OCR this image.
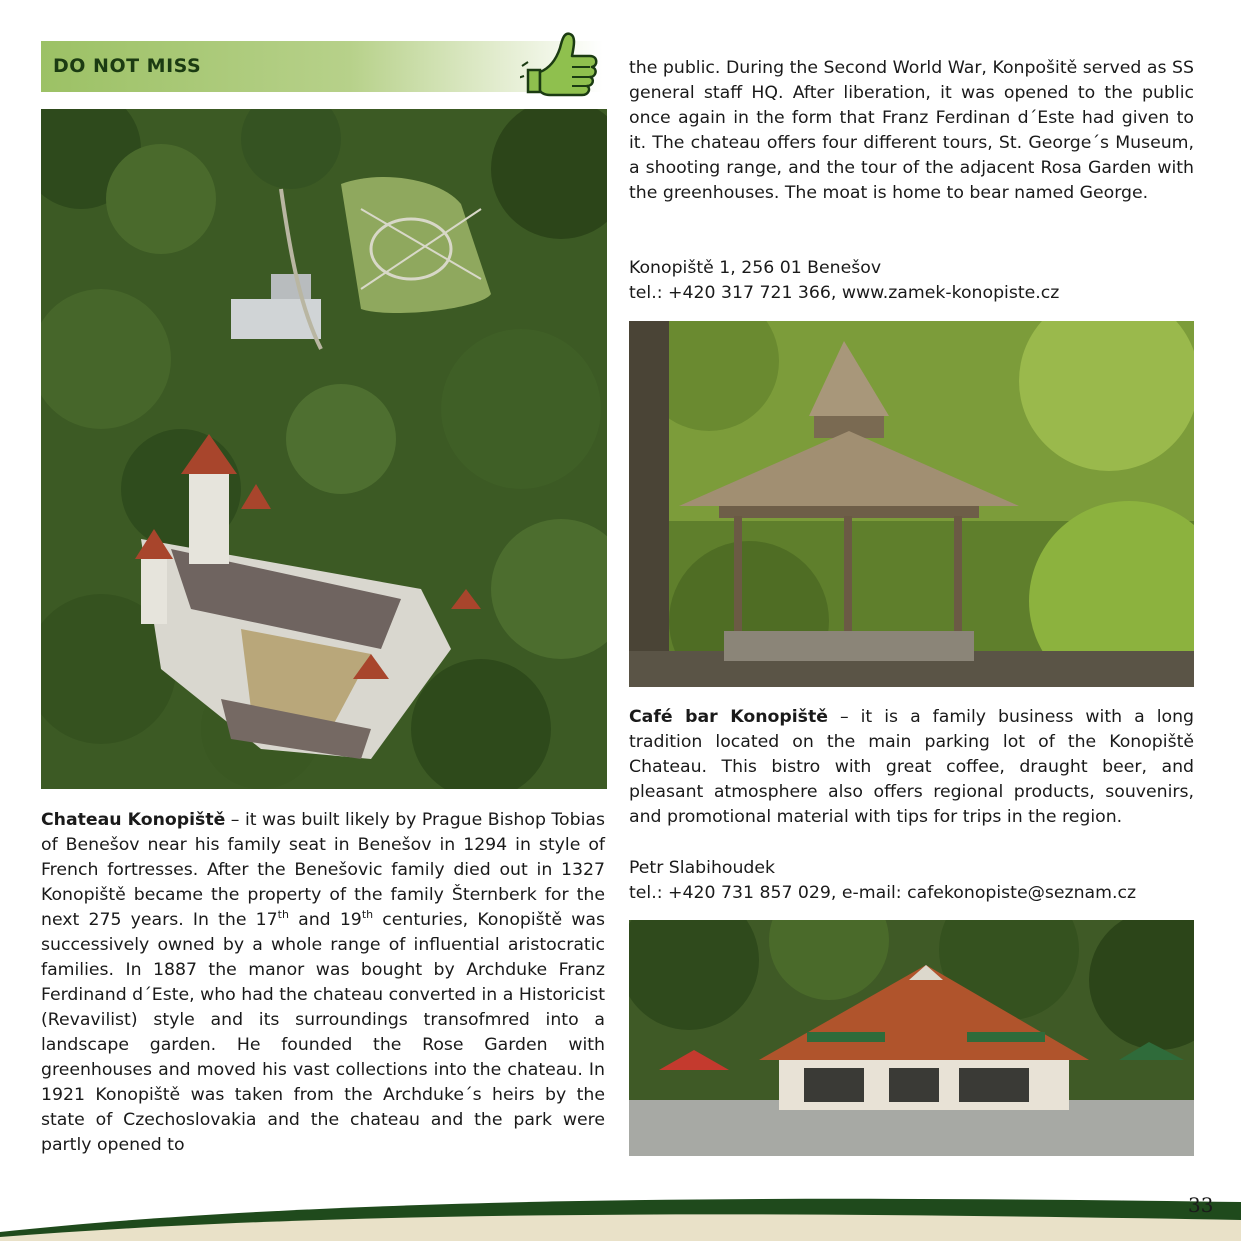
DO NOT MISS

Chateau Konopiště – it was built likely by Prague Bishop Tobias of Benešov near his family seat in Benešov in 1294 in style of French fortresses. After the Benešovic family died out in 1327 Konopiště became the property of the family Šternberk for the next 275 years. In the 17th and 19th centuries, Konopiště was successively owned by a whole range of influential aristocratic families. In 1887 the manor was bought by Archduke Franz Ferdinand d´Este, who had the chateau converted in a Historicist (Revavilist) style and its surroundings transofmred into a landscape garden. He founded the Rose Garden with greenhouses and moved his vast collections into the chateau. In 1921 Konopiště was taken from the Archduke´s heirs by the state of Czechoslovakia and the chateau and the park were partly opened to

the public. During the Second World War, Konpošitě served as SS general staff HQ. After liberation, it was opened to the public once again in the form that Franz Ferdinan d´Este had given to it. The chateau offers four different tours, St. George´s Museum, a shooting range, and the tour of the adjacent Rosa Garden with the greenhouses. The moat is home to bear named George.

Konopiště 1, 256 01 Benešov
tel.: +420 317 721 366, www.zamek-konopiste.cz

Café bar Konopiště – it is a family business with a long tradition located on the main parking lot of the Konopiště Chateau. This bistro with great coffee, draught beer, and pleasant atmosphere also offers regional products, souvenirs, and promotional material with tips for trips in the region.

Petr Slabihoudek
tel.: +420 731 857 029, e-mail: cafekonopiste@seznam.cz
33
